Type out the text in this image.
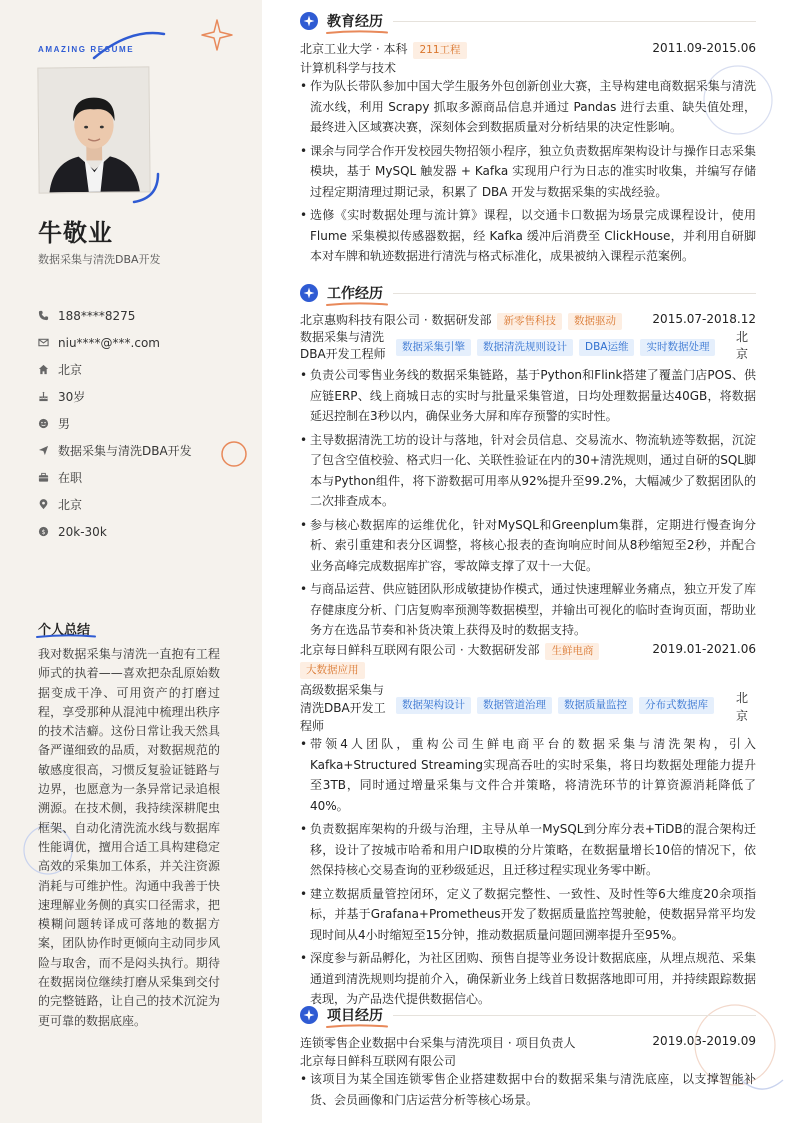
AMAZING RESUME
牛敬业
数据采集与清洗DBA开发
188****8275
niu****@***.com
北京
30岁
男
数据采集与清洗DBA开发
在职
北京
$ 20k-30k
个人总结
我对数据采集与清洗一直抱有工程师式的执着——喜欢把杂乱原始数据变成干净、可用资产的打磨过程，享受那种从混沌中梳理出秩序的技术洁癖。这份日常让我天然具备严谨细致的品质，对数据规范的敏感度很高，习惯反复验证链路与边界，也愿意为一条异常记录追根溯源。在技术侧，我持续深耕爬虫框架、自动化清洗流水线与数据库性能调优，擅用合适工具构建稳定高效的采集加工体系，并关注资源消耗与可维护性。沟通中我善于快速理解业务侧的真实口径需求，把模糊问题转译成可落地的数据方案，团队协作时更倾向主动同步风险与取舍，而不是闷头执行。期待在数据岗位继续打磨从采集到交付的完整链路，让自己的技术沉淀为更可靠的数据底座。
教育经历
北京工业大学 · 本科 211工程	2011.09-2015.06
计算机科学与技术
• 作为队长带队参加中国大学生服务外包创新创业大赛，主导构建电商数据采集与清洗流水线，利用 Scrapy 抓取多源商品信息并通过 Pandas 进行去重、缺失值处理，最终进入区域赛决赛，深刻体会到数据质量对分析结果的决定性影响。
• 课余与同学合作开发校园失物招领小程序，独立负责数据库架构设计与操作日志采集模块，基于 MySQL 触发器 + Kafka 实现用户行为日志的准实时收集，并编写存储过程定期清理过期记录，积累了 DBA 开发与数据采集的实战经验。
• 选修《实时数据处理与流计算》课程，以交通卡口数据为场景完成课程设计，使用 Flume 采集模拟传感器数据，经 Kafka 缓冲后消费至 ClickHouse，并利用自研脚本对车牌和轨迹数据进行清洗与格式标准化，成果被纳入课程示范案例。
工作经历
北京惠购科技有限公司 · 数据研发部 新零售科技 数据驱动	2015.07-2018.12
数据采集与清洗DBA开发工程师	数据采集引擎 数据清洗规则设计 DBA运维 实时数据处理
北京
• 负责公司零售业务线的数据采集链路，基于Python和Flink搭建了覆盖门店POS、供应链ERP、线上商城日志的实时与批量采集管道，日均处理数据量达40GB，将数据延迟控制在3秒以内，确保业务大屏和库存预警的实时性。
• 主导数据清洗工坊的设计与落地，针对会员信息、交易流水、物流轨迹等数据，沉淀了包含空值校验、格式归一化、关联性验证在内的30+清洗规则，通过自研的SQL脚本与Python组件，将下游数据可用率从92%提升至99.2%，大幅减少了数据团队的二次排查成本。
• 参与核心数据库的运维优化，针对MySQL和Greenplum集群，定期进行慢查询分析、索引重建和表分区调整，将核心报表的查询响应时间从8秒缩短至2秒，并配合业务高峰完成数据库扩容，零故障支撑了双十一大促。
• 与商品运营、供应链团队形成敏捷协作模式，通过快速理解业务痛点，独立开发了库存健康度分析、门店复购率预测等数据模型，并输出可视化的临时查询页面，帮助业务方在选品节奏和补货决策上获得及时的数据支持。
北京每日鲜科互联网有限公司 · 大数据研发部 生鲜电商	2019.01-2021.06
大数据应用
高级数据采集与清洗DBA开发工程师
数据架构设计 数据管道治理 数据质量监控 分布式数据库	北京
• 带领4人团队，重构公司生鲜电商平台的数据采集与清洗架构，引入Kafka+Structured Streaming实现高吞吐的实时采集，将日均数据处理能力提升至3TB，同时通过增量采集与文件合并策略，将清洗环节的计算资源消耗降低了40%。
• 负责数据库架构的升级与治理，主导从单一MySQL到分库分表+TiDB的混合架构迁移，设计了按城市哈希和用户ID取模的分片策略，在数据量增长10倍的情况下，依然保持核心交易查询的亚秒级延迟，且迁移过程实现业务零中断。
• 建立数据质量管控闭环，定义了数据完整性、一致性、及时性等6大维度20余项指标，并基于Grafana+Prometheus开发了数据质量监控驾驶舱，使数据异常平均发现时间从4小时缩短至15分钟，推动数据质量问题回溯率提升至95%。
• 深度参与新品孵化，为社区团购、预售自提等业务设计数据底座，从埋点规范、采集通道到清洗规则均提前介入，确保新业务上线首日数据落地即可用，并持续跟踪数据表现，为产品迭代提供数据信心。
项目经历
连锁零售企业数据中台采集与清洗项目 · 项目负责人	2019.03-2019.09
北京每日鲜科互联网有限公司
• 该项目为某全国连锁零售企业搭建数据中台的数据采集与清洗底座，以支撑智能补货、会员画像和门店运营分析等核心场景。
